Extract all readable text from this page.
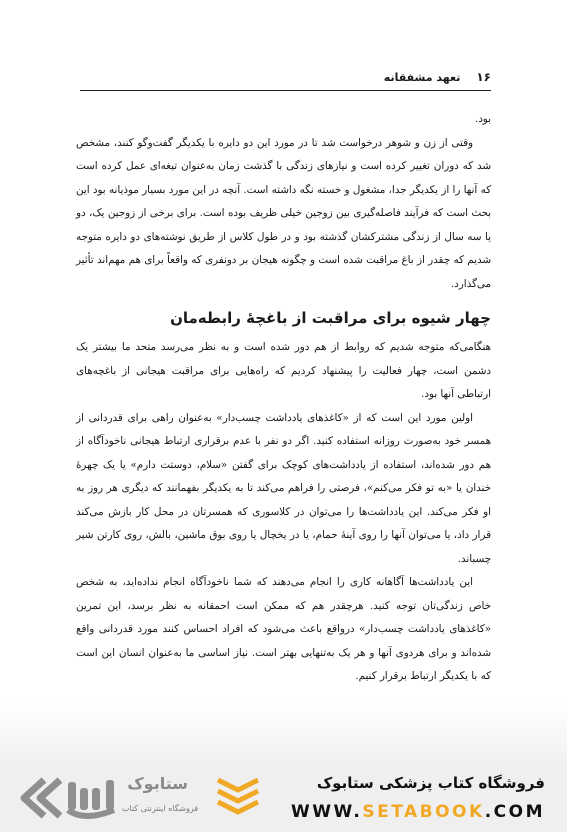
۱۶
تعهد مشفقانه

بود.

وقتی از زن و شوهر درخواست شد تا در مورد این دو دایره با یکدیگر گفت‌وگو کنند، مشخص شد که دوران تغییر کرده است و نیازهای زندگی با گذشت زمان به‌عنوان تیغه‌ای عمل کرده است که آنها را از یکدیگر جدا، مشغول و خسته نگه داشته است. آنچه در این مورد بسیار موذیانه بود این بحث است که فرآیند فاصله‌گیری بین زوجین خیلی ظریف بوده است. برای برخی از زوجین یک، دو یا سه سال از زندگی مشترکشان گذشته بود و در طول کلاس از طریق نوشته‌های دو دایره متوجه شدیم که چقدر از باغ مراقبت شده است و چگونه هیجان بر دونفری که واقعاً برای هم مهم‌اند تأثیر می‌گذارد.

چهار شیوه برای مراقبت از باغچهٔ رابطه‌مان

هنگامی‌که متوجه شدیم که روابط از هم دور شده است و به نظر می‌رسد متحد ما بیشتر یک دشمن است، چهار فعالیت را پیشنهاد کردیم که راه‌هایی برای مراقبت هیجانی از باغچه‌های ارتباطی آنها بود.

اولین مورد این است که از «کاغذهای یادداشت چسب‌دار» به‌عنوان راهی برای قدردانی از همسر خود به‌صورت روزانه استفاده کنید. اگر دو نفر با عدم برقراری ارتباط هیجانی ناخودآگاه از هم دور شده‌اند، استفاده از یادداشت‌های کوچک برای گفتن «سلام، دوستت دارم» یا یک چهرهٔ خندان یا «به تو فکر می‌کنم»، فرصتی را فراهم می‌کند تا به یکدیگر بفهمانند که دیگری هر روز به او فکر می‌کند. این یادداشت‌ها را می‌توان در کلاسوری که همسرتان در محل کار بازش می‌کند قرار داد، یا می‌توان آنها را روی آینهٔ حمام، یا در یخچال یا روی بوق ماشین، بالش، روی کارتن شیر چسباند.

این یادداشت‌ها آگاهانه کاری را انجام می‌دهند که شما ناخودآگاه انجام نداده‌اید، به شخص خاص زندگی‌تان توجه کنید. هرچقدر هم که ممکن است احمقانه به نظر برسد، این تمرین «کاغذهای یادداشت چسب‌دار» درواقع باعث می‌شود که افراد احساس کنند مورد قدردانی واقع شده‌اند و برای هردوی آنها و هر یک به‌تنهایی بهتر است. نیاز اساسی ما به‌عنوان انسان این است که با یکدیگر ارتباط برقرار کنیم.

ستابوک
فروشگاه اینترنتی کتاب
فروشگاه کتاب پزشکی ستابوک
WWW.SETABOOK.COM
